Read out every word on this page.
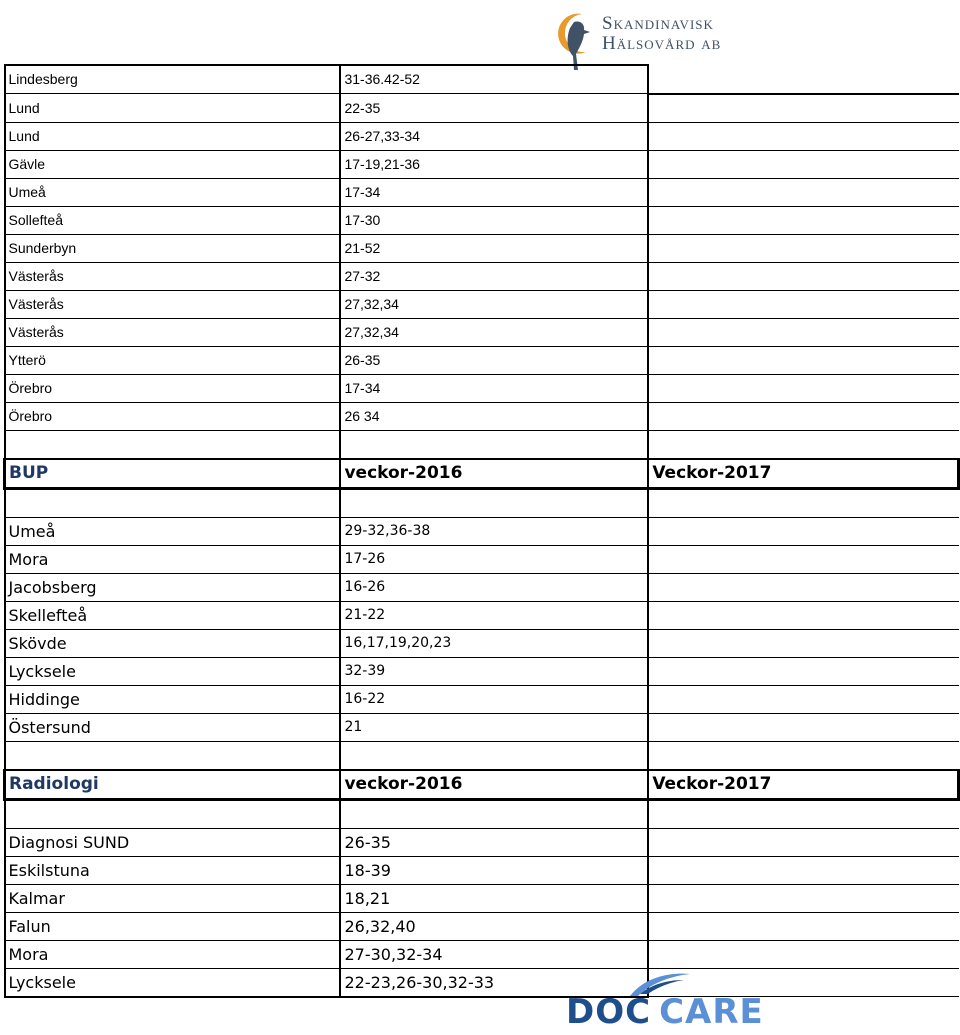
Skandinavisk
Hälsovård ab
Lindesberg	31-36.42-52	
Lund	22-35	
Lund	26-27,33-34	
Gävle	17-19,21-36	
Umeå	17-34	
Sollefteå	17-30	
Sunderbyn	21-52	
Västerås	27-32	
Västerås	27,32,34	
Västerås	27,32,34	
Ytterö	26-35	
Örebro	17-34	
Örebro	26 34	

BUP	veckor-2016	Veckor-2017

Umeå	29-32,36-38	
Mora	17-26	
Jacobsberg	16-26	
Skellefteå	21-22	
Skövde	16,17,19,20,23	
Lycksele	32-39	
Hiddinge	16-22	
Östersund	21	

Radiologi	veckor-2016	Veckor-2017

Diagnosi SUND	26-35	
Eskilstuna	18-39	
Kalmar	18,21	
Falun	26,32,40	
Mora	27-30,32-34	
Lycksele	22-23,26-30,32-33	
DOC CARE
